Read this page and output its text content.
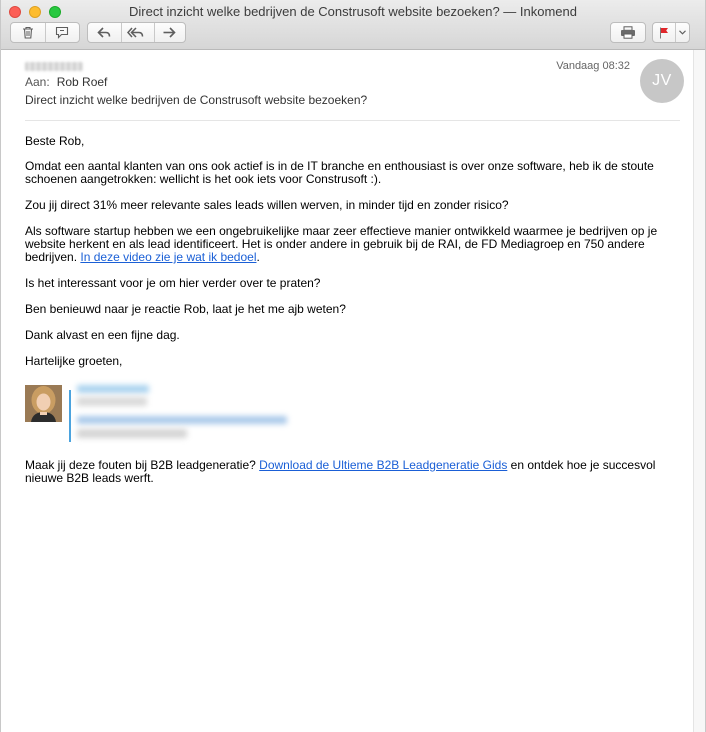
Direct inzicht welke bedrijven de Construsoft website bezoeken? — Inkomend
Aan: Rob Roef
Direct inzicht welke bedrijven de Construsoft website bezoeken?
Vandaag 08:32
JV

Beste Rob,

Omdat een aantal klanten van ons ook actief is in de IT branche en enthousiast is over onze software, heb ik de stoute schoenen aangetrokken: wellicht is het ook iets voor Construsoft :).

Zou jij direct 31% meer relevante sales leads willen werven, in minder tijd en zonder risico?

Als software startup hebben we een ongebruikelijke maar zeer effectieve manier ontwikkeld waarmee je bedrijven op je website herkent en als lead identificeert. Het is onder andere in gebruik bij de RAI, de FD Mediagroep en 750 andere bedrijven. In deze video zie je wat ik bedoel.

Is het interessant voor je om hier verder over te praten?

Ben benieuwd naar je reactie Rob, laat je het me ajb weten?

Dank alvast en een fijne dag.

Hartelijke groeten,

Maak jij deze fouten bij B2B leadgeneratie? Download de Ultieme B2B Leadgeneratie Gids en ontdek hoe je succesvol nieuwe B2B leads werft.
